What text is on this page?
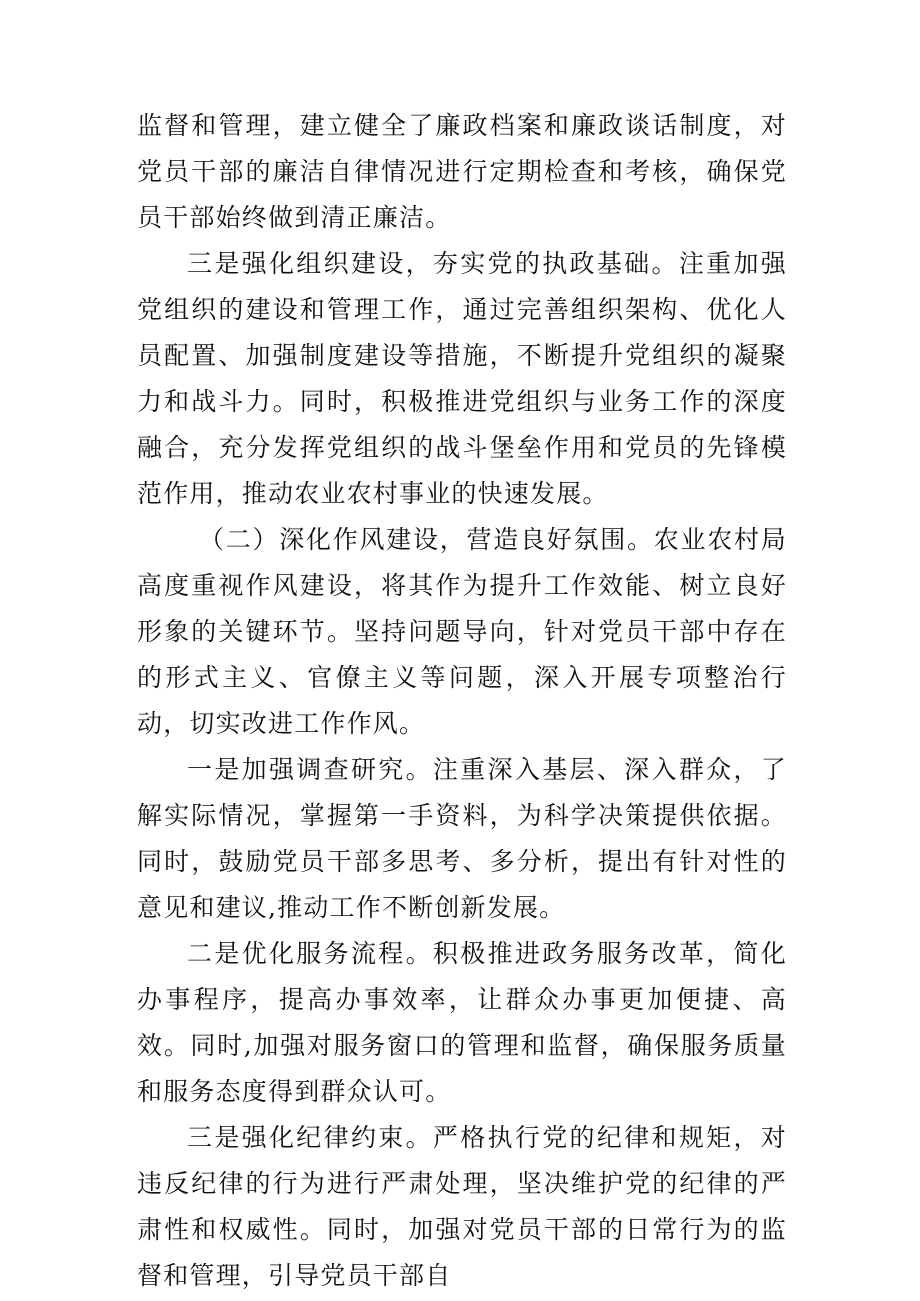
监督和管理，建立健全了廉政档案和廉政谈话制度，对党员干部的廉洁自律情况进行定期检查和考核，确保党员干部始终做到清正廉洁。

三是强化组织建设，夯实党的执政基础。注重加强党组织的建设和管理工作，通过完善组织架构、优化人员配置、加强制度建设等措施，不断提升党组织的凝聚力和战斗力。同时，积极推进党组织与业务工作的深度融合，充分发挥党组织的战斗堡垒作用和党员的先锋模范作用，推动农业农村事业的快速发展。

（二）深化作风建设，营造良好氛围。农业农村局高度重视作风建设，将其作为提升工作效能、树立良好形象的关键环节。坚持问题导向，针对党员干部中存在的形式主义、官僚主义等问题，深入开展专项整治行动，切实改进工作作风。

一是加强调查研究。注重深入基层、深入群众，了解实际情况，掌握第一手资料，为科学决策提供依据。同时，鼓励党员干部多思考、多分析，提出有针对性的意见和建议,推动工作不断创新发展。

二是优化服务流程。积极推进政务服务改革，简化办事程序，提高办事效率，让群众办事更加便捷、高效。同时,加强对服务窗口的管理和监督，确保服务质量和服务态度得到群众认可。

三是强化纪律约束。严格执行党的纪律和规矩，对违反纪律的行为进行严肃处理，坚决维护党的纪律的严肃性和权威性。同时，加强对党员干部的日常行为的监督和管理，引导党员干部自
